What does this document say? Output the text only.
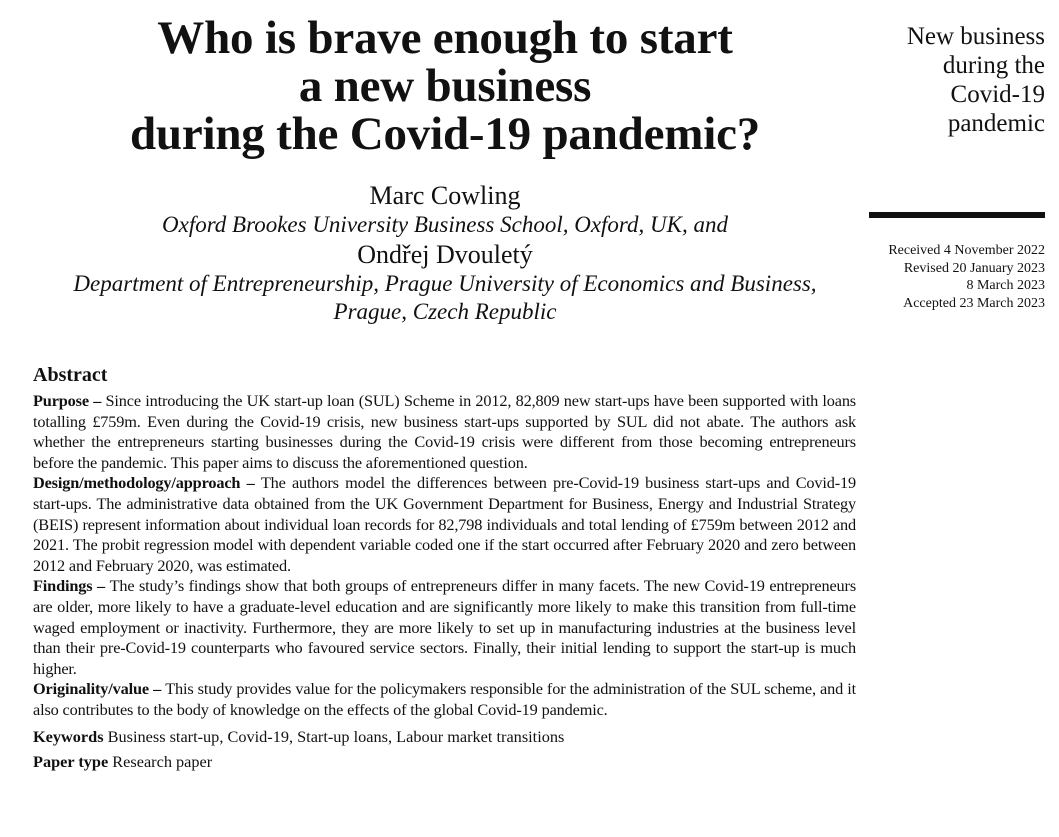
Who is brave enough to start
a new business
during the Covid-19 pandemic?
Marc Cowling
Oxford Brookes University Business School, Oxford, UK, and
Ondřej Dvouletý
Department of Entrepreneurship, Prague University of Economics and Business,
Prague, Czech Republic
New business
during the
Covid-19
pandemic
Received 4 November 2022
Revised 20 January 2023
8 March 2023
Accepted 23 March 2023
Abstract

Purpose – Since introducing the UK start-up loan (SUL) Scheme in 2012, 82,809 new start-ups have been supported with loans totalling £759m. Even during the Covid-19 crisis, new business start-ups supported by SUL did not abate. The authors ask whether the entrepreneurs starting businesses during the Covid-19 crisis were different from those becoming entrepreneurs before the pandemic. This paper aims to discuss the aforementioned question.

Design/methodology/approach – The authors model the differences between pre-Covid-19 business start-ups and Covid-19 start-ups. The administrative data obtained from the UK Government Department for Business, Energy and Industrial Strategy (BEIS) represent information about individual loan records for 82,798 individuals and total lending of £759m between 2012 and 2021. The probit regression model with dependent variable coded one if the start occurred after February 2020 and zero between 2012 and February 2020, was estimated.

Findings – The study’s findings show that both groups of entrepreneurs differ in many facets. The new Covid-19 entrepreneurs are older, more likely to have a graduate-level education and are significantly more likely to make this transition from full-time waged employment or inactivity. Furthermore, they are more likely to set up in manufacturing industries at the business level than their pre-Covid-19 counterparts who favoured service sectors. Finally, their initial lending to support the start-up is much higher.

Originality/value – This study provides value for the policymakers responsible for the administration of the SUL scheme, and it also contributes to the body of knowledge on the effects of the global Covid-19 pandemic.

Keywords Business start-up, Covid-19, Start-up loans, Labour market transitions

Paper type Research paper
